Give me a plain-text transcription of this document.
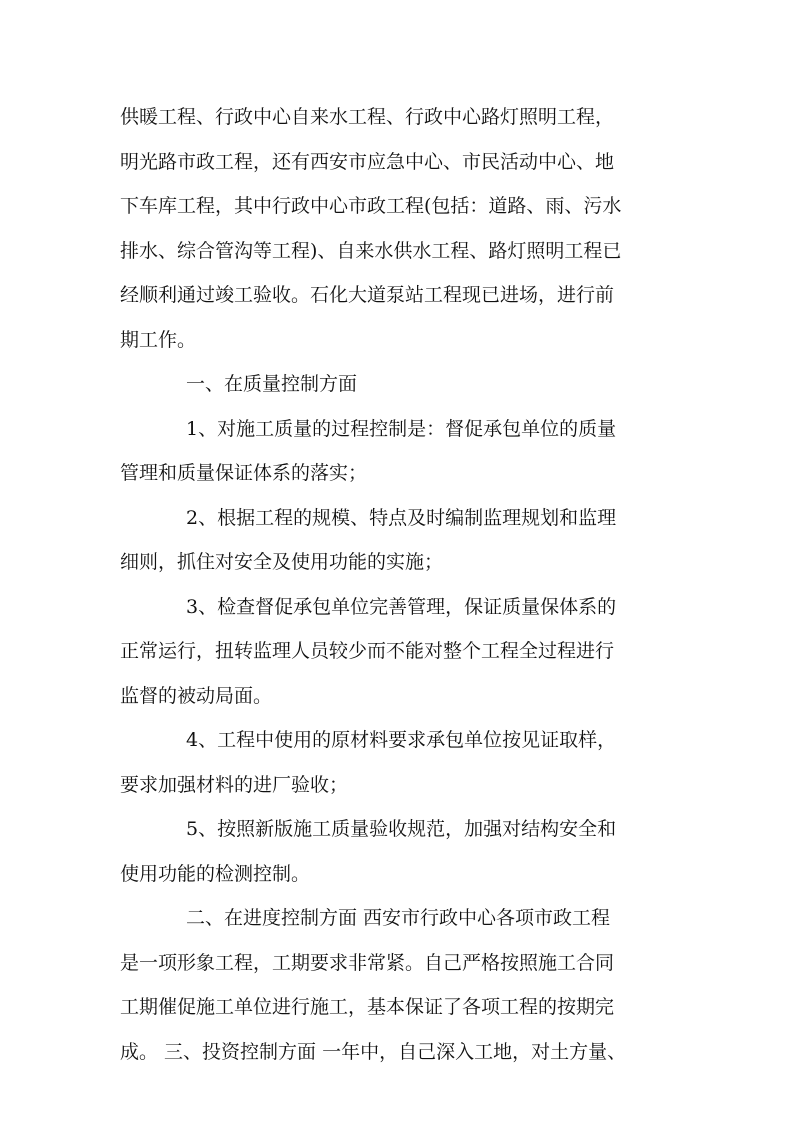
供暖工程、行政中心自来水工程、行政中心路灯照明工程，
明光路市政工程，还有西安市应急中心、市民活动中心、地
下车库工程，其中行政中心市政工程(包括：道路、雨、污水
排水、综合管沟等工程)、自来水供水工程、路灯照明工程已
经顺利通过竣工验收。石化大道泵站工程现已进场，进行前
期工作。
一、在质量控制方面
1、对施工质量的过程控制是：督促承包单位的质量
管理和质量保证体系的落实；
2、根据工程的规模、特点及时编制监理规划和监理
细则，抓住对安全及使用功能的实施；
3、检查督促承包单位完善管理，保证质量保体系的
正常运行，扭转监理人员较少而不能对整个工程全过程进行
监督的被动局面。
4、工程中使用的原材料要求承包单位按见证取样，
要求加强材料的进厂验收；
5、按照新版施工质量验收规范，加强对结构安全和
使用功能的检测控制。
二、在进度控制方面 西安市行政中心各项市政工程
是一项形象工程，工期要求非常紧。自己严格按照施工合同
工期催促施工单位进行施工，基本保证了各项工程的按期完
成。 三、投资控制方面 一年中，自己深入工地，对土方量、
